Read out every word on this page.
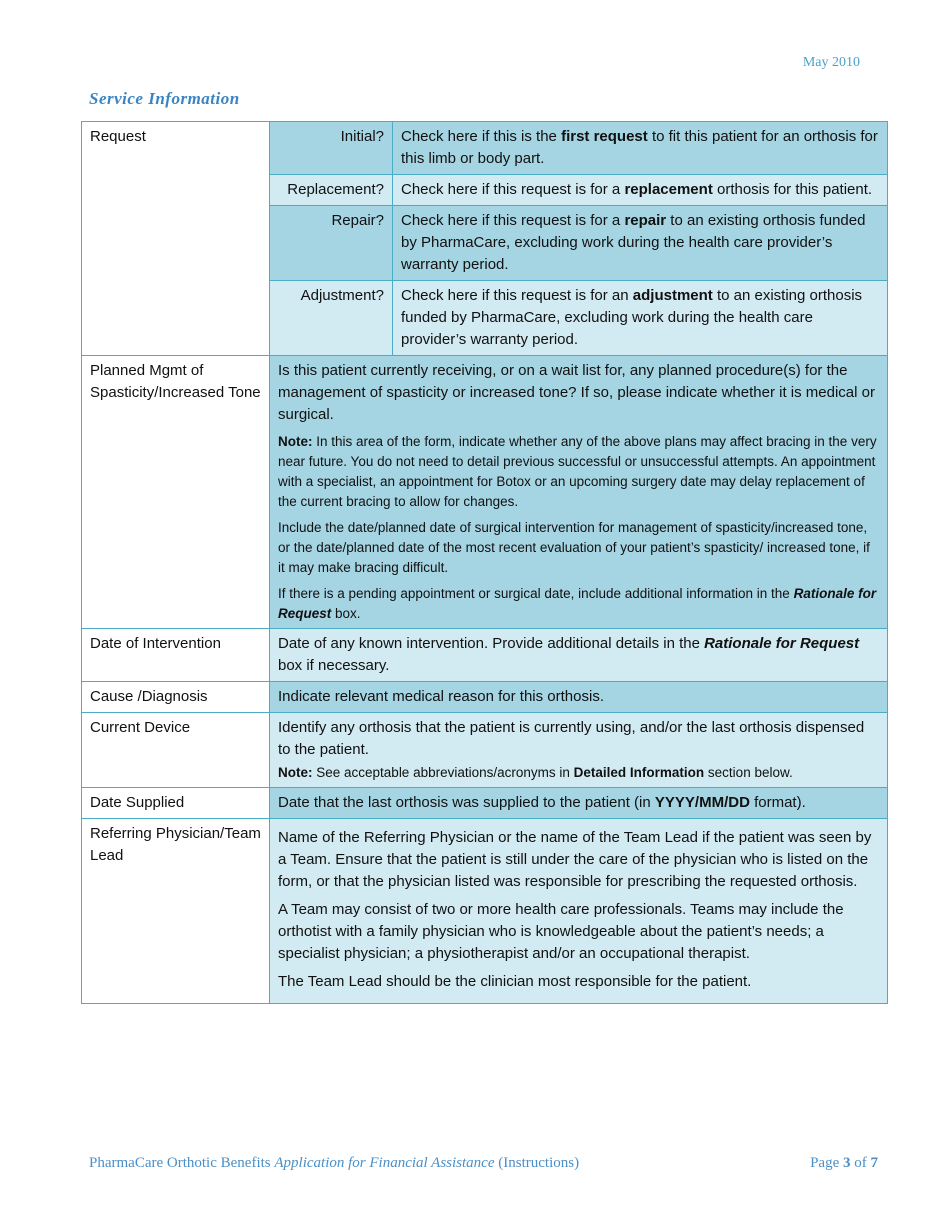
May 2010
Service Information
Request	Initial?	Check here if this is the first request to fit this patient for an orthosis for this limb or body part.
	Replacement?	Check here if this request is for a replacement orthosis for this patient.
	Repair?	Check here if this request is for a repair to an existing orthosis funded by PharmaCare, excluding work during the health care provider’s warranty period.
	Adjustment?	Check here if this request is for an adjustment to an existing orthosis funded by PharmaCare, excluding work during the health care provider’s warranty period.
Planned Mgmt of Spasticity/Increased Tone	Is this patient currently receiving, or on a wait list for, any planned procedure(s) for the management of spasticity or increased tone? If so, please indicate whether it is medical or surgical.

Note: In this area of the form, indicate whether any of the above plans may affect bracing in the very near future. You do not need to detail previous successful or unsuccessful attempts. An appointment with a specialist, an appointment for Botox or an upcoming surgery date may delay replacement of the current bracing to allow for changes.

Include the date/planned date of surgical intervention for management of spasticity/increased tone, or the date/planned date of the most recent evaluation of your patient’s spasticity/ increased tone, if it may make bracing difficult.

If there is a pending appointment or surgical date, include additional information in the Rationale for Request box.	

Date of Intervention	Date of any known intervention. Provide additional details in the Rationale for Request box if necessary.	
Cause /Diagnosis	Indicate relevant medical reason for this orthosis.	
Current Device	Identify any orthosis that the patient is currently using, and/or the last orthosis dispensed to the patient.

Note: See acceptable abbreviations/acronyms in Detailed Information section below.	

Date Supplied	Date that the last orthosis was supplied to the patient (in YYYY/MM/DD format).	
Referring Physician/Team Lead	Name of the Referring Physician or the name of the Team Lead if the patient was seen by a Team. Ensure that the patient is still under the care of the physician who is listed on the form, or that the physician listed was responsible for prescribing the requested orthosis.

A Team may consist of two or more health care professionals. Teams may include the orthotist with a family physician who is knowledgeable about the patient’s needs; a specialist physician; a physiotherapist and/or an occupational therapist.

The Team Lead should be the clinician most responsible for the patient.	

PharmaCare Orthotic Benefits Application for Financial Assistance (Instructions)	Page 3 of 7
